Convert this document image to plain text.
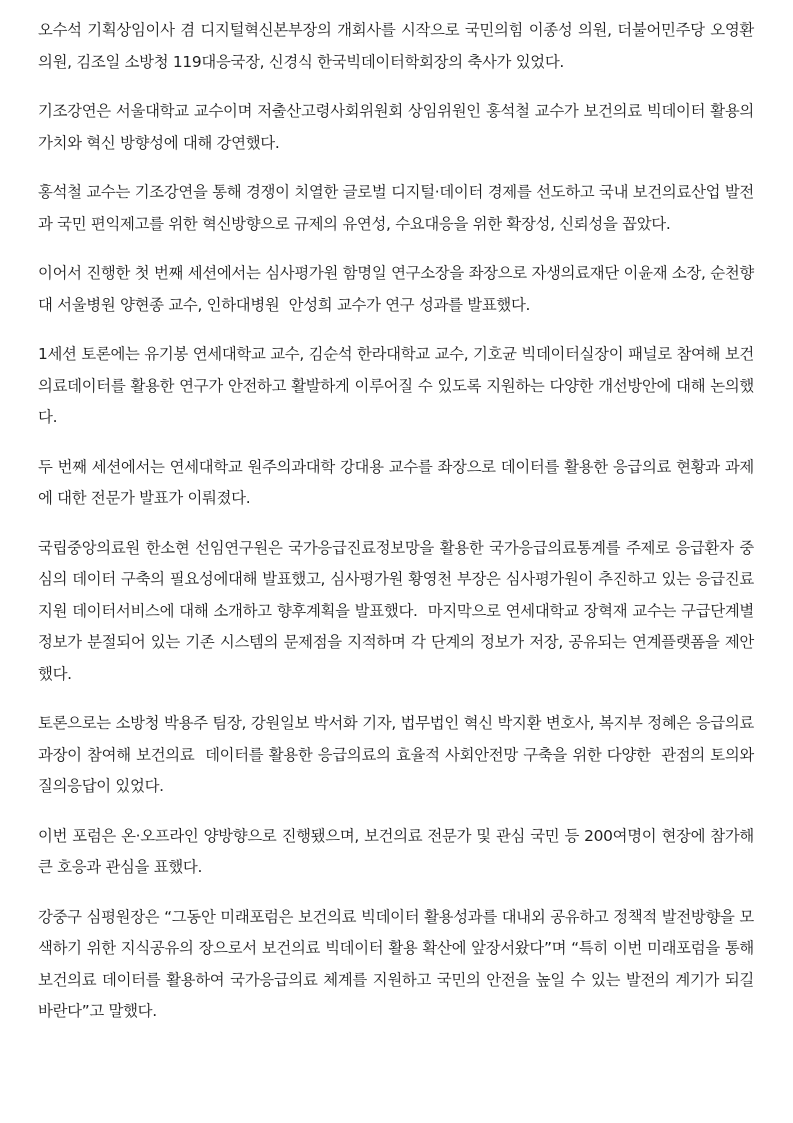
오수석 기획상임이사 겸 디지털혁신본부장의 개회사를 시작으로 국민의힘 이종성 의원, 더불어민주당 오영환 의원, 김조일 소방청 119대응국장, 신경식 한국빅데이터학회장의 축사가 있었다.

기조강연은 서울대학교 교수이며 저출산고령사회위원회 상임위원인 홍석철 교수가 보건의료 빅데이터 활용의 가치와 혁신 방향성에 대해 강연했다.

홍석철 교수는 기조강연을 통해 경쟁이 치열한 글로벌 디지털·데이터 경제를 선도하고 국내 보건의료산업 발전과 국민 편익제고를 위한 혁신방향으로 규제의 유연성, 수요대응을 위한 확장성, 신뢰성을 꼽았다.

이어서 진행한 첫 번째 세션에서는 심사평가원 함명일 연구소장을 좌장으로 자생의료재단 이윤재 소장, 순천향대 서울병원 양현종 교수, 인하대병원  안성희 교수가 연구 성과를 발표했다.

1세션 토론에는 유기봉 연세대학교 교수, 김순석 한라대학교 교수, 기호균 빅데이터실장이 패널로 참여해 보건의료데이터를 활용한 연구가 안전하고 활발하게 이루어질 수 있도록 지원하는 다양한 개선방안에 대해 논의했다.

두 번째 세션에서는 연세대학교 원주의과대학 강대용 교수를 좌장으로 데이터를 활용한 응급의료 현황과 과제에 대한 전문가 발표가 이뤄졌다.

국립중앙의료원 한소현 선임연구원은 국가응급진료정보망을 활용한 국가응급의료통계를 주제로 응급환자 중심의 데이터 구축의 필요성에대해 발표했고, 심사평가원 황영천 부장은 심사평가원이 추진하고 있는 응급진료지원 데이터서비스에 대해 소개하고 향후계획을 발표했다.  마지막으로 연세대학교 장혁재 교수는 구급단계별 정보가 분절되어 있는 기존 시스템의 문제점을 지적하며 각 단계의 정보가 저장, 공유되는 연계플랫폼을 제안했다.

토론으로는 소방청 박용주 팀장, 강원일보 박서화 기자, 법무법인 혁신 박지환 변호사, 복지부 정혜은 응급의료과장이 참여해 보건의료  데이터를 활용한 응급의료의 효율적 사회안전망 구축을 위한 다양한  관점의 토의와 질의응답이 있었다.

이번 포럼은 온·오프라인 양방향으로 진행됐으며, 보건의료 전문가 및 관심 국민 등 200여명이 현장에 참가해 큰 호응과 관심을 표했다.

강중구 심평원장은 “그동안 미래포럼은 보건의료 빅데이터 활용성과를 대내외 공유하고 정책적 발전방향을 모색하기 위한 지식공유의 장으로서 보건의료 빅데이터 활용 확산에 앞장서왔다”며 “특히 이번 미래포럼을 통해 보건의료 데이터를 활용하여 국가응급의료 체계를 지원하고 국민의 안전을 높일 수 있는 발전의 계기가 되길 바란다”고 말했다.
